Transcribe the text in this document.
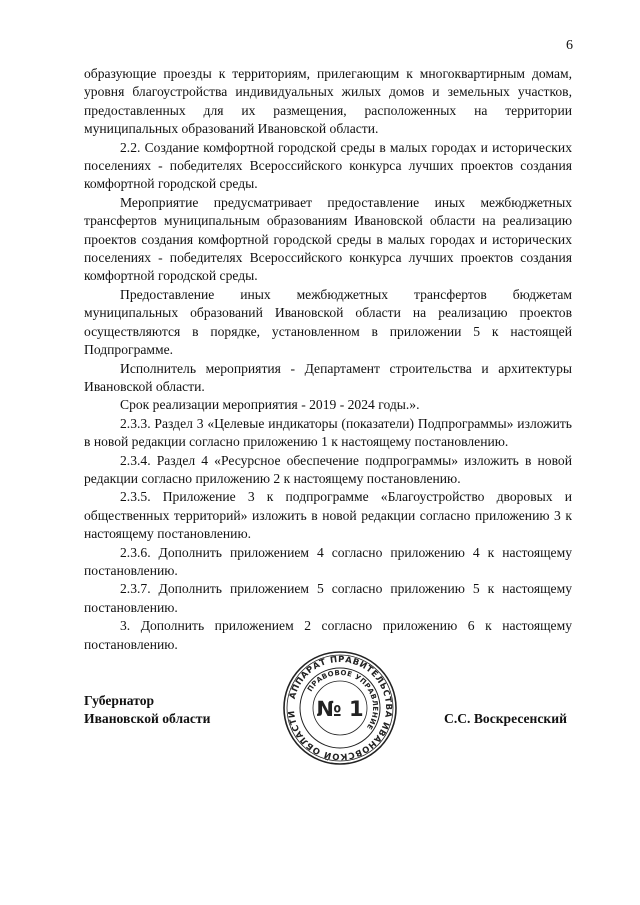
6

образующие проезды к территориям, прилегающим к многоквартирным домам, уровня благоустройства индивидуальных жилых домов и земельных участков, предоставленных для их размещения, расположенных на территории муниципальных образований Ивановской области.

2.2. Создание комфортной городской среды в малых городах и исторических поселениях - победителях Всероссийского конкурса лучших проектов создания комфортной городской среды.

Мероприятие предусматривает предоставление иных межбюджетных трансфертов муниципальным образованиям Ивановской области на реализацию проектов создания комфортной городской среды в малых городах и исторических поселениях - победителях Всероссийского конкурса лучших проектов создания комфортной городской среды.

Предоставление иных межбюджетных трансфертов бюджетам муниципальных образований Ивановской области на реализацию проектов осуществляются в порядке, установленном в приложении 5 к настоящей Подпрограмме.

Исполнитель мероприятия - Департамент строительства и архитектуры Ивановской области.

Срок реализации мероприятия - 2019 - 2024 годы.».

2.3.3. Раздел 3 «Целевые индикаторы (показатели) Подпрограммы» изложить в новой редакции согласно приложению 1 к настоящему постановлению.

2.3.4. Раздел 4 «Ресурсное обеспечение подпрограммы» изложить в новой редакции согласно приложению 2 к настоящему постановлению.

2.3.5. Приложение 3 к подпрограмме «Благоустройство дворовых и общественных территорий» изложить в новой редакции согласно приложению 3 к настоящему постановлению.

2.3.6. Дополнить приложением 4 согласно приложению 4 к настоящему постановлению.

2.3.7. Дополнить приложением 5 согласно приложению 5 к настоящему постановлению.

3. Дополнить приложением 2 согласно приложению 6 к настоящему постановлению.

Губернатор
Ивановской области
АППАРАТ ПРАВИТЕЛЬСТВА ИВАНОВСКОЙ ОБЛАСТИ
ПРАВОВОЕ УПРАВЛЕНИЕ
№ 1	С.С. Воскресенский
